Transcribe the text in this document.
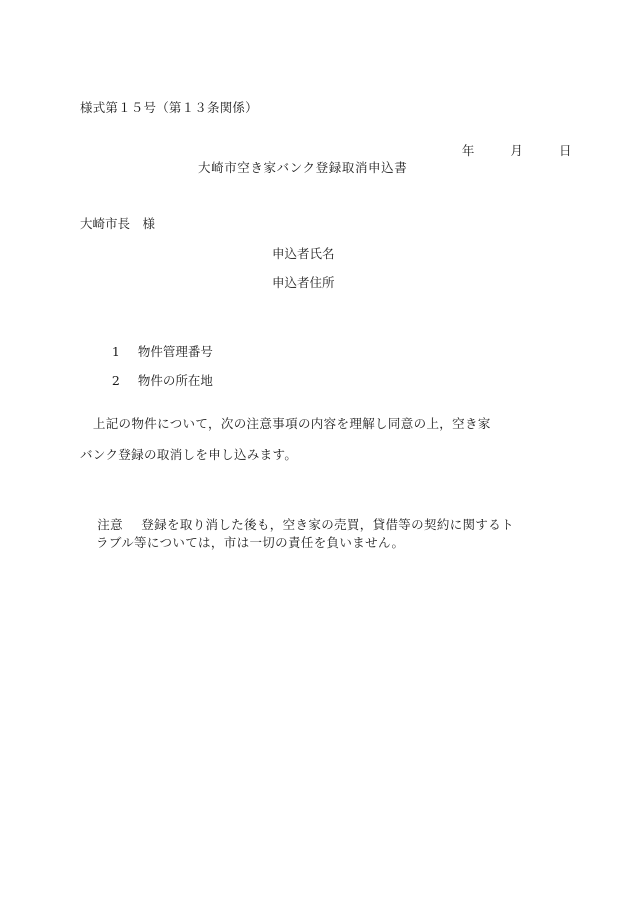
様式第１５号（第１３条関係）

年	月	日

大崎市空き家バンク登録取消申込書
大崎市長　様
申込者氏名
申込者住所

1 物件管理番号

2 物件の所在地

　上記の物件について，次の注意事項の内容を理解し同意の上，空き家
バンク登録の取消しを申し込みます。

注意 登録を取り消した後も，空き家の売買，貸借等の契約に関するト

ラブル等については，市は一切の責任を負いません。
